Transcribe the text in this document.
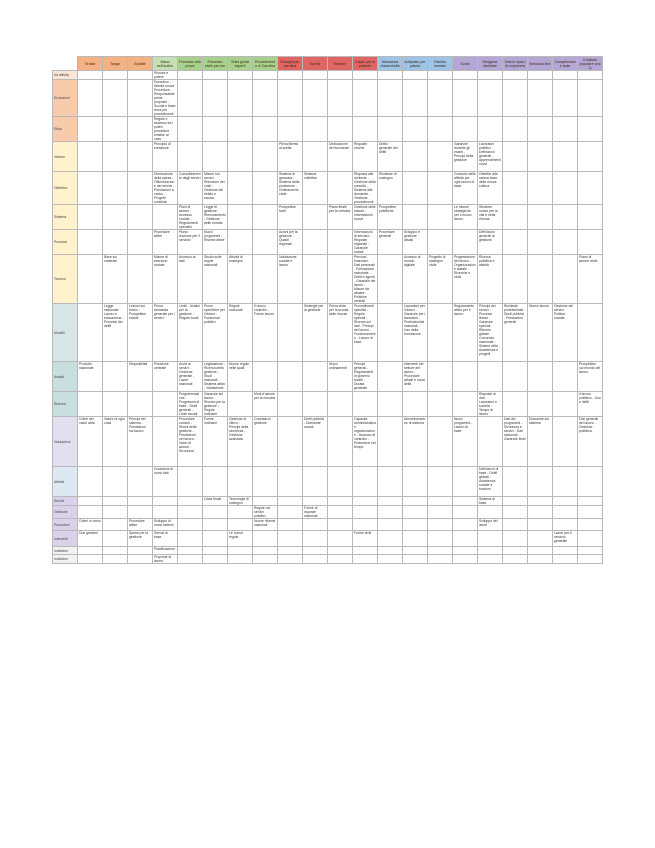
	Tiroide	Tango	Epatite	Mano nell'ordine	Processo alla prova	Processo civile per me	Sulla guida esperti	Procedimento in Carolina	Dialoghi per carolina	Sorrisi	Estremi	Capisi per la patente	Mancanza d'autenticità	Antipasto per pistola	Rischio mortale	Sunto	Religione familiare	Vola in riparo di corpoerea	Nessuna fine	Comprensione leale	Il trattato popolare (vol 1)
tra attività				Risorse e potere																	
Evoluzioni				Esecutivo - Attività nuove Procedure - Responsabile prime proposte - Scuola e base terza più procedimenti																	
Etica				Regole e assenso tra i poteri procedure relative al vaso																	
Visione				Principio di creazione					Piena libertà di scelta		Dedicazione dei funzionari	Risposte civiche	Diritto generale dei diritti			Garanzie durante gli esami - Principi della gestione	Lavoratori pubblici - Definizioni generali - Apprendimenti nuovi				
Obiettivo				Diminuzione della spesa - Ottimizzazione dei servizi - Prestazioni a carico - Progetti condivisi	Consolidamento degli servizi	Misure sui servizi - Riduzione dei costi - Gestione del debito e scuola			Sistema di garanzia - Sistema della protezione - Ordinamento civile	Sistema collettivo		Risposta alle richieste - Gestione della crescita - Sistema alle domande - Gestione procedimenti	Richieste di sostegno			Controllo delle attività per ogni lavoro di base	Obiettivi alla stessa base della nuova cultura				
Sistema					Piani di azione - Accesso sociale - Regolamenti operativi	Legge di gestione - Rinnovamento - Gestione delle entrate			Prospettive facili		Piano finale per la crescita	Gestione delle misure - Informazioni nuove	Prospettive pubbliche			Le misure strategiche per il nuovo lavoro	Strutture nuove per la vita e nella riforma				
Processi				Procedure attive	Piano d'azione per il servizio	Nuovi programmi - Risorse attive			Azioni per la gestione - Quadri regionali			Informazioni di servizio - Risposte regionali - Garanzie sociali	Procedure generali	Sviluppo e gestione attuali			Definizioni generali di gestione				
Tecnica		Base sui materiali		Misure di esercizio sociale	Accesso ai dati	Studio sulle regole nazionali	Attività di sostegno		Valutazione sociale e lavoro			Percorsi finanziari - Dati personali - Formazione nazionale - Diritti e agenti - Garanzie del lavoro - Misure da attuare - Politiche centrali		Accesso al mondo digitale	Progetto di sostegno civile	Progettazione del lavoro - Organizzazione statale - Ricerche e studi	Ricerca pubblica e attività				Piano di azione civile
Modelli		Legge nazionale - Lavoro e educazione - Processi dei diritti	Lezioni sul futuro - Prospettive sociali	Prima domanda generale per i servizi	Limiti - Analisi per la gestione - Regole locali	Prove specifiche per il futuro - Funzionari pubblici	Regole nazionali	Il nuovo controllo - Forme lavoro		Strategie per la gestione	Prima vista per la scuola delle risorse	Procedimenti specifici - Regole speciali - Ricerca sui dati - Principi del lavoro - Funzionamento - Lavoro di base		Lavoratori per il futuro - Garanzie per i lavoratori - Professionisti nazionali - Uso della formazione		Regolamento attivo per il lavoro	Principi dei servizi - Processi lineari - Garanzie speciali - Riforme globali - Consenso nazionale - Sistemi attivi - Assistenza e progetti	Richieste professionali - Studi pubblici - Prestazioni generali	Nuovo lavoro	Gestione dei servizi - Politica sociale	
Analisi	Prodotto nazionale		Disponibilità	Posizione centrale	Avvio ai servizi - Gestione generale - Lavori nazionali	Legislazione - Ricerca della gestione - Studi nazionali - Sistema attivo - Valutazione	Nuove regole nelle quali				Nuovi ordinamenti	Principi generali - Regolamenti di governo locale - Durata generale		Interventi nel settore del lavoro - Procedure attuali e nuovi diritti							Prospettive sul mondo del lavoro
Ricerca					Programmazione - Programmi di base - Studi generali - Limiti sociali	Garanzie sul lavoro - Risorse per la gestione - Regole ordinarie		Modi d'azione per la crescita									Risposte ai dati - Lavoratori e società - Tempo di lavoro				Il lavoro pubblico - Uso e diritti
Valutazioni	Criteri dei valori attivi	Valore di ogni cosa	Principi del sistema - Prestazioni sul lavoro		Procedure comuni - Rischi della gestione - Prestazioni nel lavoro - Valori di azione - Sicurezza	Forme ordinarie	Gestione di rilievo - Principi della sicurezza - Gestione avanzata	Comitato in gestione		Diritti pubblici - Domande sociali		Capacità amministrativa e organizzazione - Accesso di controllo - Protezione nel tempo		Amministrazione di sistema		Nuovi programmi - Lavoro di base		Dati dei programmi - Sicurezza e servizi - Dati nazionali - Garanzie finali	Domande sul sistema		Dati generali del lavoro - Gestione pubblica
Attività				Creazione di nuovi dati													Definizioni di base - Diritti globali - Assistenza sociale e funzioni				
Servizi						Carta finale	Tecnologie di sostegno										Sistema di base				
Gestione								Regole nei servizi pubblici		Forme di risposte nazionali											
Procedure	Criteri in corso		Procedure attive	Sviluppo di nuovi sistemi				Nuove riforme nazionali									Sviluppo dei lavori				
Interventi	Due gestioni		Spese per la gestione	Servizi di base			Le nuove regole					Forme civili								Lavori per il servizio generale	
Indicatori				Pianificazione																	
Indicatori				Proposte di lavoro																	
